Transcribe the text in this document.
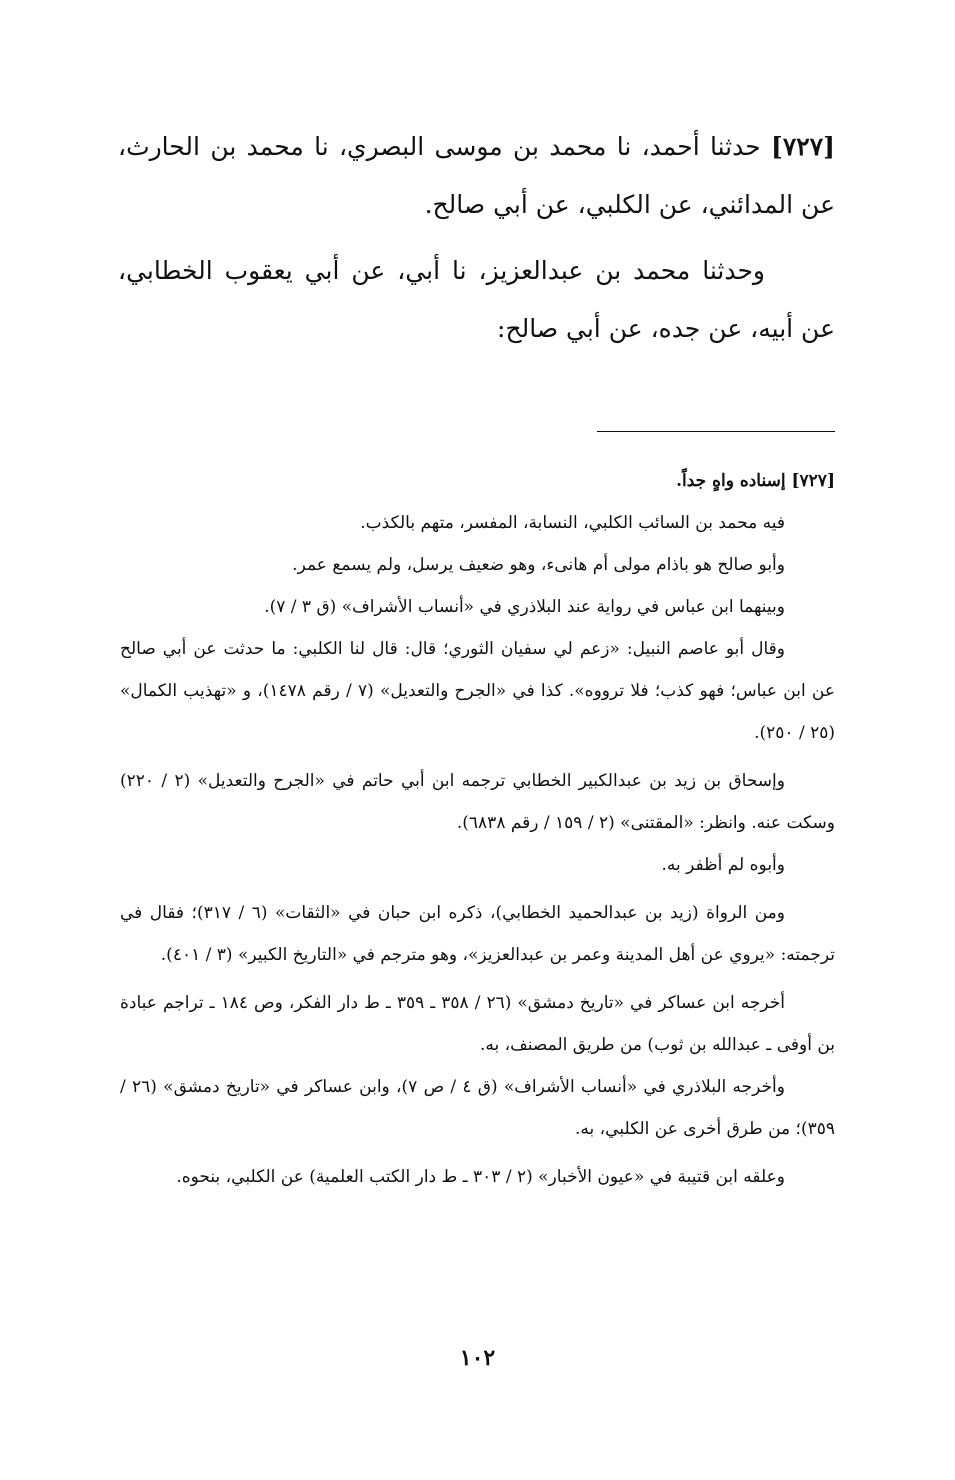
[٧٢٧] حدثنا أحمد، نا محمد بن موسى البصري، نا محمد بن الحارث، عن المدائني، عن الكلبي، عن أبي صالح.

وحدثنا محمد بن عبدالعزيز، نا أبي، عن أبي يعقوب الخطابي، عن أبيه، عن جده، عن أبي صالح:

[٧٢٧] إسناده واهٍ جداً.

فيه محمد بن السائب الكلبي، النسابة، المفسر، متهم بالكذب.

وأبو صالح هو باذام مولى أم هانىء، وهو ضعيف يرسل، ولم يسمع عمر.

وبينهما ابن عباس في رواية عند البلاذري في «أنساب الأشراف» (ق ٣ / ٧).

وقال أبو عاصم النبيل: «زعم لي سفيان الثوري؛ قال: قال لنا الكلبي: ما حدثت عن أبي صالح عن ابن عباس؛ فهو كذب؛ فلا ترووه». كذا في «الجرح والتعديل» (٧ / رقم ١٤٧٨)، و «تهذيب الكمال» (٢٥ / ٢٥٠).

وإسحاق بن زيد بن عبدالكبير الخطابي ترجمه ابن أبي حاتم في «الجرح والتعديل» (٢ / ٢٢٠) وسكت عنه. وانظر: «المقتنى» (٢ / ١٥٩ / رقم ٦٨٣٨).

وأبوه لم أظفر به.

ومن الرواة (زيد بن عبدالحميد الخطابي)، ذكره ابن حبان في «الثقات» (٦ / ٣١٧)؛ فقال في ترجمته: «يروي عن أهل المدينة وعمر بن عبدالعزيز»، وهو مترجم في «التاريخ الكبير» (٣ / ٤٠١).

أخرجه ابن عساكر في «تاريخ دمشق» (٢٦ / ٣٥٨ ـ ٣٥٩ ـ ط دار الفكر، وص ١٨٤ ـ تراجم عبادة بن أوفى ـ عبدالله بن ثوب) من طريق المصنف، به.

وأخرجه البلاذري في «أنساب الأشراف» (ق ٤ / ص ٧)، وابن عساكر في «تاريخ دمشق» (٢٦ / ٣٥٩)؛ من طرق أخرى عن الكلبي، به.

وعلقه ابن قتيبة في «عيون الأخبار» (٢ / ٣٠٣ ـ ط دار الكتب العلمية) عن الكلبي، بنحوه.

١٠٢
